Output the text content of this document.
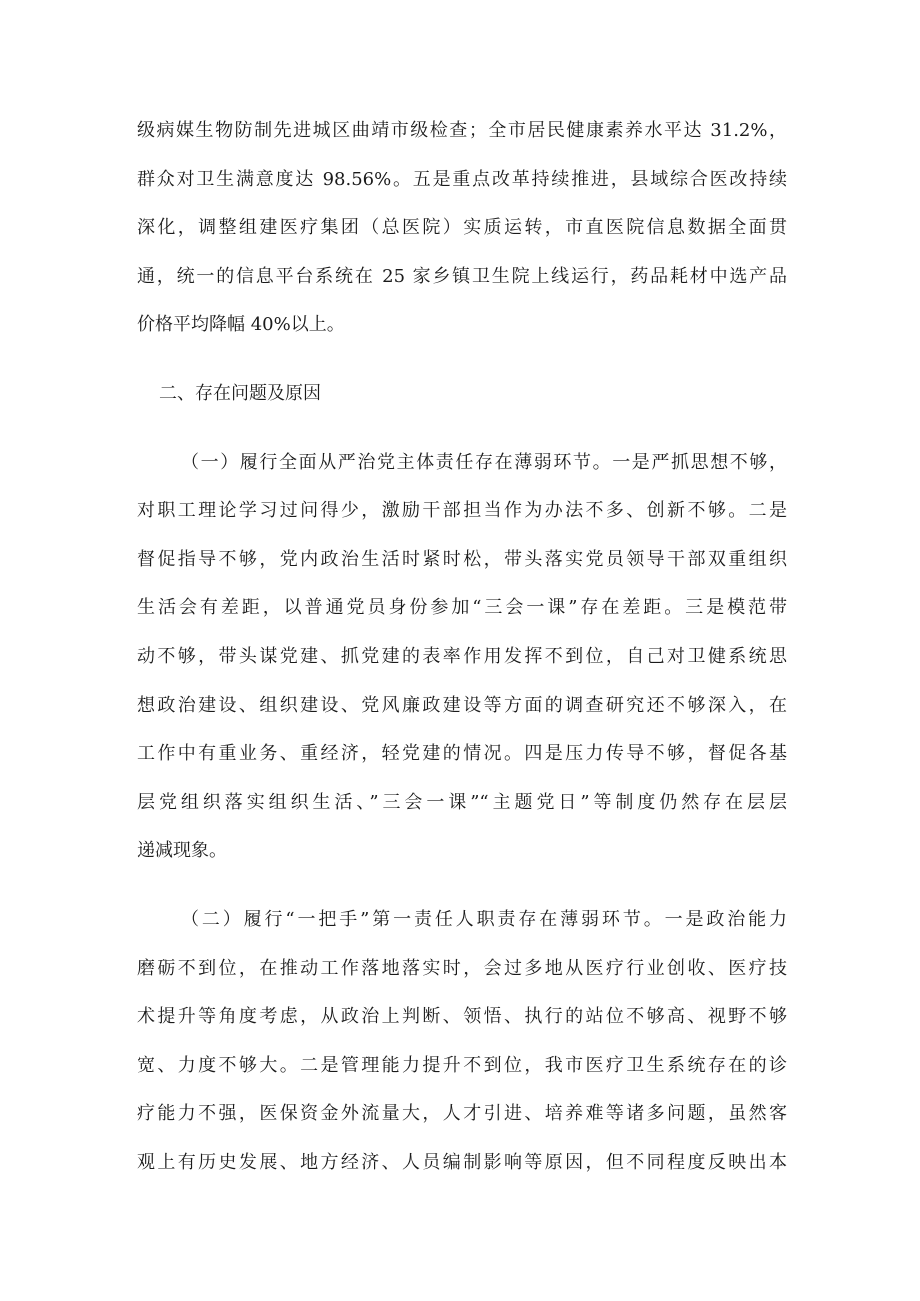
级病媒生物防制先进城区曲靖市级检查；全市居民健康素养水平达 31.2%，
群众对卫生满意度达 98.56%。五是重点改革持续推进，县域综合医改持续
深化，调整组建医疗集团（总医院）实质运转，市直医院信息数据全面贯
通，统一的信息平台系统在 25 家乡镇卫生院上线运行，药品耗材中选产品
价格平均降幅 40%以上。
二、存在问题及原因
（一）履行全面从严治党主体责任存在薄弱环节。一是严抓思想不够，
对职工理论学习过问得少，激励干部担当作为办法不多、创新不够。二是
督促指导不够，党内政治生活时紧时松，带头落实党员领导干部双重组织
生活会有差距，以普通党员身份参加“三会一课”存在差距。三是模范带
动不够，带头谋党建、抓党建的表率作用发挥不到位，自己对卫健系统思
想政治建设、组织建设、党风廉政建设等方面的调查研究还不够深入，在
工作中有重业务、重经济，轻党建的情况。四是压力传导不够，督促各基
层党组织落实组织生活、”三会一课”“主题党日”等制度仍然存在层层
递减现象。
（二）履行“一把手”第一责任人职责存在薄弱环节。一是政治能力
磨砺不到位，在推动工作落地落实时，会过多地从医疗行业创收、医疗技
术提升等角度考虑，从政治上判断、领悟、执行的站位不够高、视野不够
宽、力度不够大。二是管理能力提升不到位，我市医疗卫生系统存在的诊
疗能力不强，医保资金外流量大，人才引进、培养难等诸多问题，虽然客
观上有历史发展、地方经济、人员编制影响等原因，但不同程度反映出本
